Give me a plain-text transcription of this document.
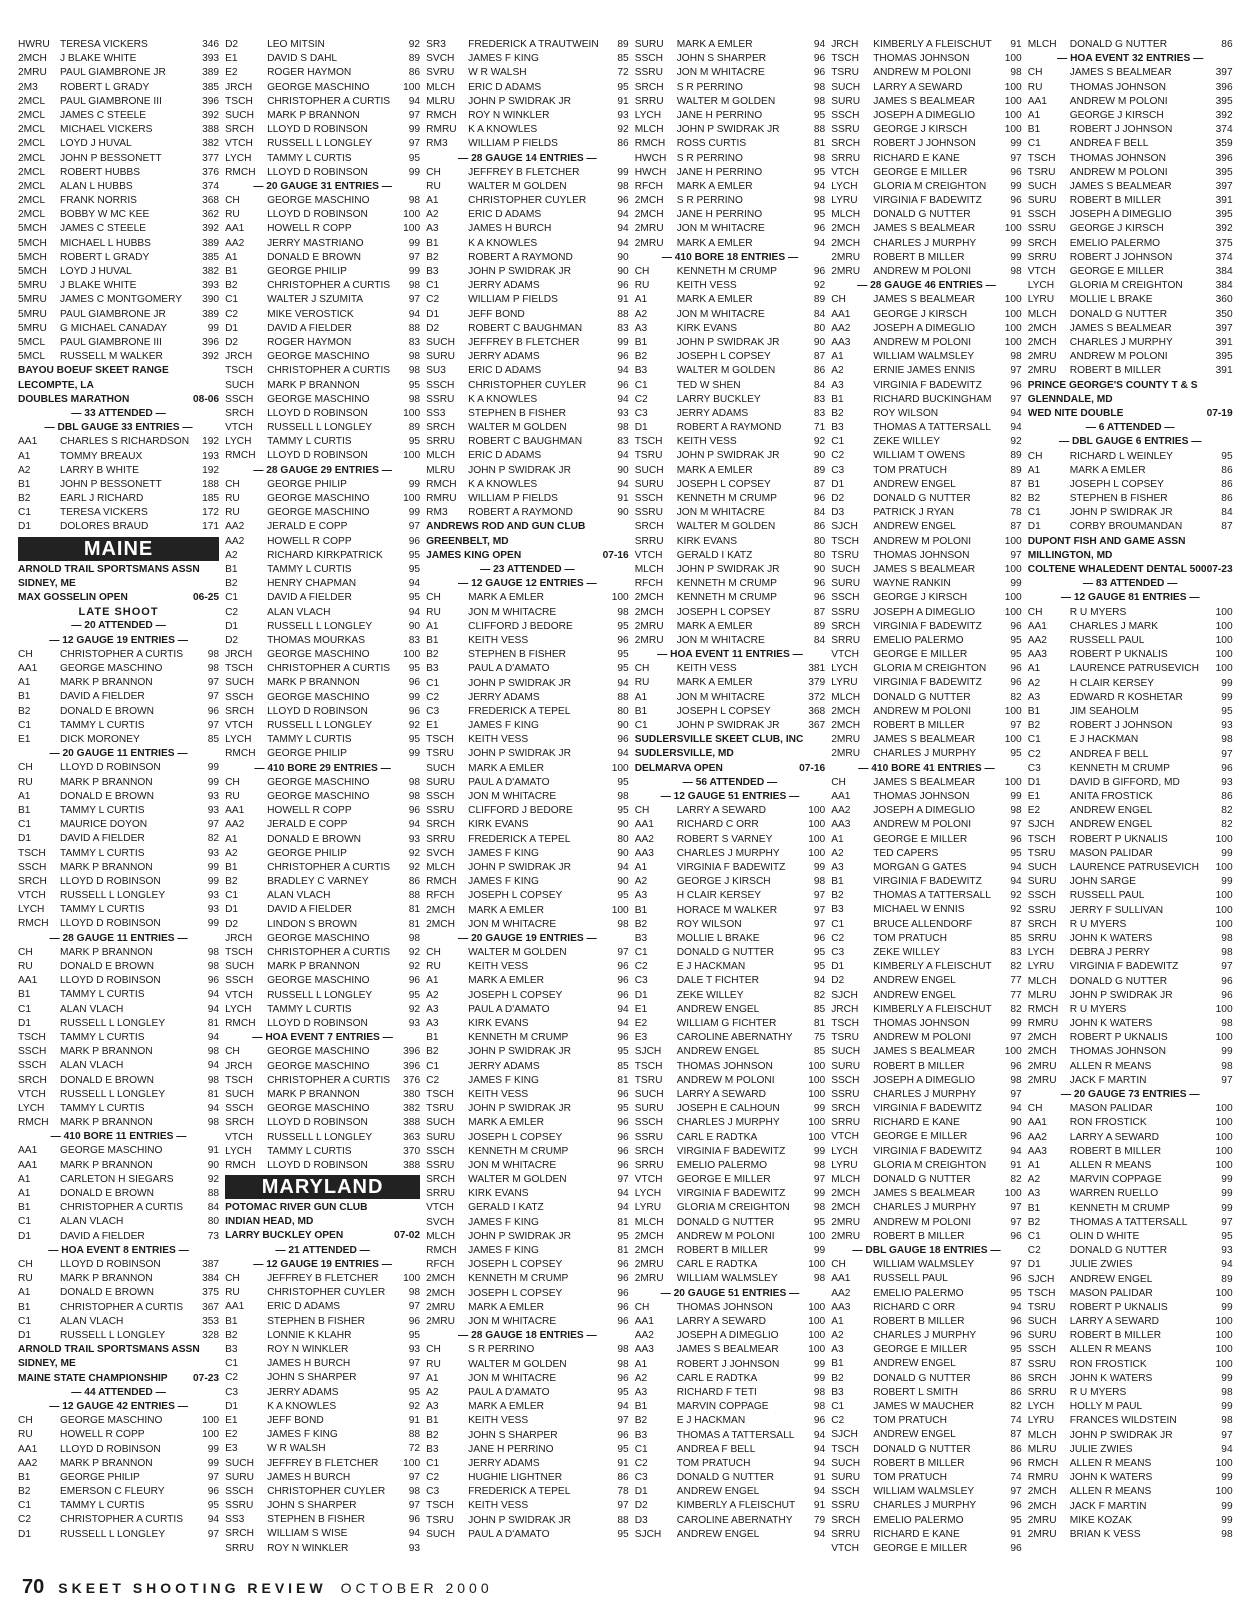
HWRU	TERESA VICKERS	346
2MCH	J BLAKE WHITE	393
2MRU	PAUL GIAMBRONE JR	389
2M3	ROBERT L GRADY	385
2MCL	PAUL GIAMBRONE III	396
2MCL	JAMES C STEELE	392
2MCL	MICHAEL VICKERS	388
2MCL	LOYD J HUVAL	382
2MCL	JOHN P BESSONETT	377
2MCL	ROBERT HUBBS	376
2MCL	ALAN L HUBBS	374
2MCL	FRANK NORRIS	368
2MCL	BOBBY W MC KEE	362
5MCH	JAMES C STEELE	392
5MCH	MICHAEL L HUBBS	389
5MCH	ROBERT L GRADY	385
5MCH	LOYD J HUVAL	382
5MRU	J BLAKE WHITE	393
5MRU	JAMES C MONTGOMERY	390
5MRU	PAUL GIAMBRONE JR	389
5MRU	G MICHAEL CANADAY	99
5MCL	PAUL GIAMBRONE III	396
5MCL	RUSSELL M WALKER	392
BAYOU BOEUF SKEET RANGE
LECOMPTE, LA
DOUBLES MARATHON	08-06
— 33 ATTENDED —
— DBL GAUGE 33 ENTRIES —
AA1	CHARLES S RICHARDSON	192
A1	TOMMY BREAUX	193
A2	LARRY B WHITE	192
B1	JOHN P BESSONETT	188
B2	EARL J RICHARD	185
C1	TERESA VICKERS	172
D1	DOLORES BRAUD	171
MAINE
ARNOLD TRAIL SPORTSMANS ASSN
SIDNEY, ME
MAX GOSSELIN OPEN	06-25
LATE SHOOT
— 20 ATTENDED —
— 12 GAUGE 19 ENTRIES —
CH	CHRISTOPHER A CURTIS	98
AA1	GEORGE MASCHINO	98
A1	MARK P BRANNON	97
B1	DAVID A FIELDER	97
B2	DONALD E BROWN	96
C1	TAMMY L CURTIS	97
E1	DICK MORONEY	85
— 20 GAUGE 11 ENTRIES —
CH	LLOYD D ROBINSON	99
RU	MARK P BRANNON	99
A1	DONALD E BROWN	93
B1	TAMMY L CURTIS	93
C1	MAURICE DOYON	97
D1	DAVID A FIELDER	82
TSCH	TAMMY L CURTIS	93
SSCH	MARK P BRANNON	99
SRCH	LLOYD D ROBINSON	99
VTCH	RUSSELL L LONGLEY	93
LYCH	TAMMY L CURTIS	93
RMCH	LLOYD D ROBINSON	99
— 28 GAUGE 11 ENTRIES —
CH	MARK P BRANNON	98
RU	DONALD E BROWN	98
AA1	LLOYD D ROBINSON	96
B1	TAMMY L CURTIS	94
C1	ALAN VLACH	94
D1	RUSSELL L LONGLEY	81
TSCH	TAMMY L CURTIS	94
SSCH	MARK P BRANNON	98
SSCH	ALAN VLACH	94
SRCH	DONALD E BROWN	98
VTCH	RUSSELL L LONGLEY	81
LYCH	TAMMY L CURTIS	94
RMCH	MARK P BRANNON	98
— 410 BORE 11 ENTRIES —
AA1	GEORGE MASCHINO	91
AA1	MARK P BRANNON	90
A1	CARLETON H SIEGARS	92
A1	DONALD E BROWN	88
B1	CHRISTOPHER A CURTIS	84
C1	ALAN VLACH	80
D1	DAVID A FIELDER	73
— HOA EVENT 8 ENTRIES —
CH	LLOYD D ROBINSON	387
RU	MARK P BRANNON	384
A1	DONALD E BROWN	375
B1	CHRISTOPHER A CURTIS	367
C1	ALAN VLACH	353
D1	RUSSELL L LONGLEY	328
ARNOLD TRAIL SPORTSMANS ASSN
SIDNEY, ME
MAINE STATE CHAMPIONSHIP 07-23
— 44 ATTENDED —
— 12 GAUGE 42 ENTRIES —
CH	GEORGE MASCHINO	100
RU	HOWELL R COPP	100
AA1	LLOYD D ROBINSON	99
AA2	MARK P BRANNON	99
B1	GEORGE PHILIP	97
B2	EMERSON C FLEURY	96
C1	TAMMY L CURTIS	95
C2	CHRISTOPHER A CURTIS	94
D1	RUSSELL L LONGLEY	97
D2	LEO MITSIN	92
E1	DAVID S DAHL	89
E2	ROGER HAYMON	86
JRCH	GEORGE MASCHINO	100
TSCH	CHRISTOPHER A CURTIS	94
SUCH	MARK P BRANNON	97
SRCH	LLOYD D ROBINSON	99
VTCH	RUSSELL L LONGLEY	97
LYCH	TAMMY L CURTIS	95
RMCH	LLOYD D ROBINSON	99
— 20 GAUGE 31 ENTRIES —
CH	GEORGE MASCHINO	98
RU	LLOYD D ROBINSON	100
AA1	HOWELL R COPP	100
AA2	JERRY MASTRIANO	99
A1	DONALD E BROWN	97
B1	GEORGE PHILIP	99
B2	CHRISTOPHER A CURTIS	98
C1	WALTER J SZUMITA	97
C2	MIKE VEROSTICK	94
D1	DAVID A FIELDER	88
D2	ROGER HAYMON	83
JRCH	GEORGE MASCHINO	98
TSCH	CHRISTOPHER A CURTIS	98
SUCH	MARK P BRANNON	95
SSCH	GEORGE MASCHINO	98
SRCH	LLOYD D ROBINSON	100
VTCH	RUSSELL L LONGLEY	89
LYCH	TAMMY L CURTIS	95
RMCH	LLOYD D ROBINSON	100
— 28 GAUGE 29 ENTRIES —
CH	GEORGE PHILIP	99
RU	GEORGE MASCHINO	100
RU	GEORGE MASCHINO	99
AA2	JERALD E COPP	97
AA2	HOWELL R COPP	96
A2	RICHARD KIRKPATRICK	95
B1	TAMMY L CURTIS	95
B2	HENRY CHAPMAN	94
C1	DAVID A FIELDER	95
C2	ALAN VLACH	94
D1	RUSSELL L LONGLEY	90
D2	THOMAS MOURKAS	83
JRCH	GEORGE MASCHINO	100
TSCH	CHRISTOPHER A CURTIS	95
SUCH	MARK P BRANNON	96
SSCH	GEORGE MASCHINO	99
SRCH	LLOYD D ROBINSON	96
VTCH	RUSSELL L LONGLEY	92
LYCH	TAMMY L CURTIS	95
RMCH	GEORGE PHILIP	99
— 410 BORE 29 ENTRIES —
CH	GEORGE MASCHINO	98
RU	GEORGE MASCHINO	98
AA1	HOWELL R COPP	96
AA2	JERALD E COPP	94
A1	DONALD E BROWN	93
A2	GEORGE PHILIP	92
B1	CHRISTOPHER A CURTIS	92
B2	BRADLEY C VARNEY	86
C1	ALAN VLACH	88
D1	DAVID A FIELDER	81
D2	LINDON S BROWN	81
JRCH	GEORGE MASCHINO	98
TSCH	CHRISTOPHER A CURTIS	92
SUCH	MARK P BRANNON	92
SSCH	GEORGE MASCHINO	96
VTCH	RUSSELL L LONGLEY	95
LYCH	TAMMY L CURTIS	92
RMCH	LLOYD D ROBINSON	93
— HOA EVENT 7 ENTRIES —
CH	GEORGE MASCHINO	396
JRCH	GEORGE MASCHINO	396
TSCH	CHRISTOPHER A CURTIS	376
SUCH	MARK P BRANNON	380
SSCH	GEORGE MASCHINO	382
SRCH	LLOYD D ROBINSON	388
VTCH	RUSSELL L LONGLEY	363
LYCH	TAMMY L CURTIS	370
RMCH	LLOYD D ROBINSON	388
MARYLAND
POTOMAC RIVER GUN CLUB
INDIAN HEAD, MD
LARRY BUCKLEY OPEN	07-02
— 21 ATTENDED —
— 12 GAUGE 19 ENTRIES —
CH	JEFFREY B FLETCHER	100
RU	CHRISTOPHER CUYLER	98
AA1	ERIC D ADAMS	97
B1	STEPHEN B FISHER	96
B2	LONNIE K KLAHR	95
B3	ROY N WINKLER	93
C1	JAMES H BURCH	97
C2	JOHN S SHARPER	97
C3	JERRY ADAMS	95
D1	K A KNOWLES	92
E1	JEFF BOND	91
E2	JAMES F KING	88
E3	W R WALSH	72
SUCH	JEFFREY B FLETCHER	100
SURU	JAMES H BURCH	97
SSCH	CHRISTOPHER CUYLER	98
SSRU	JOHN S SHARPER	97
SS3	STEPHEN B FISHER	96
SRCH	WILLIAM S WISE	94
SRRU	ROY N WINKLER	93
SR3	FREDERICK A TRAUTWEIN	89
SVCH	JAMES F KING	85
SVRU	W R WALSH	72
MLCH	ERIC D ADAMS	95
MLRU	JOHN P SWIDRAK JR	91
RMCH	ROY N WINKLER	93
RMRU	K A KNOWLES	92
RM3	WILLIAM P FIELDS	86
— 28 GAUGE 14 ENTRIES —
CH	JEFFREY B FLETCHER	99
RU	WALTER M GOLDEN	98
A1	CHRISTOPHER CUYLER	96
A2	ERIC D ADAMS	94
A3	JAMES H BURCH	94
B1	K A KNOWLES	94
B2	ROBERT A RAYMOND	90
B3	JOHN P SWIDRAK JR	90
C1	JERRY ADAMS	96
C2	WILLIAM P FIELDS	91
D1	JEFF BOND	88
D2	ROBERT C BAUGHMAN	83
SUCH	JEFFREY B FLETCHER	99
SURU	JERRY ADAMS	96
SU3	ERIC D ADAMS	94
SSCH	CHRISTOPHER CUYLER	96
SSRU	K A KNOWLES	94
SS3	STEPHEN B FISHER	93
SRCH	WALTER M GOLDEN	98
SRRU	ROBERT C BAUGHMAN	83
MLCH	ERIC D ADAMS	94
MLRU	JOHN P SWIDRAK JR	90
RMCH	K A KNOWLES	94
RMRU	WILLIAM P FIELDS	91
RM3	ROBERT A RAYMOND	90
ANDREWS ROD AND GUN CLUB
GREENBELT, MD
JAMES KING OPEN	07-16
— 23 ATTENDED —
— 12 GAUGE 12 ENTRIES —
CH	MARK A EMLER	100
RU	JON M WHITACRE	98
A1	CLIFFORD J BEDORE	95
B1	KEITH VESS	96
B2	STEPHEN B FISHER	95
B3	PAUL A D'AMATO	95
C1	JOHN P SWIDRAK JR	94
C2	JERRY ADAMS	88
C3	FREDERICK A TEPEL	80
E1	JAMES F KING	90
TSCH	KEITH VESS	96
TSRU	JOHN P SWIDRAK JR	94
SUCH	MARK A EMLER	100
SURU	PAUL A D'AMATO	95
SSCH	JON M WHITACRE	98
SSRU	CLIFFORD J BEDORE	95
SRCH	KIRK EVANS	90
SRRU	FREDERICK A TEPEL	80
SVCH	JAMES F KING	90
MLCH	JOHN P SWIDRAK JR	94
RMCH	JAMES F KING	90
RFCH	JOSEPH L COPSEY	95
2MCH	MARK A EMLER	100
2MCH	JON M WHITACRE	98
— 20 GAUGE 19 ENTRIES —
CH	WALTER M GOLDEN	97
RU	KEITH VESS	96
A1	MARK A EMLER	96
A2	JOSEPH L COPSEY	96
A3	PAUL A D'AMATO	94
A3	KIRK EVANS	94
B1	KENNETH M CRUMP	96
B2	JOHN P SWIDRAK JR	95
C1	JERRY ADAMS	85
C2	JAMES F KING	81
TSCH	KEITH VESS	96
TSRU	JOHN P SWIDRAK JR	95
SUCH	MARK A EMLER	96
SURU	JOSEPH L COPSEY	96
SSCH	KENNETH M CRUMP	96
SSRU	JON M WHITACRE	96
SRCH	WALTER M GOLDEN	97
SRRU	KIRK EVANS	94
VTCH	GERALD I KATZ	94
SVCH	JAMES F KING	81
MLCH	JOHN P SWIDRAK JR	95
RMCH	JAMES F KING	81
RFCH	JOSEPH L COPSEY	96
2MCH	KENNETH M CRUMP	96
2MCH	JOSEPH L COPSEY	96
2MRU	MARK A EMLER	96
2MRU	JON M WHITACRE	96
— 28 GAUGE 18 ENTRIES —
CH	S R PERRINO	98
RU	WALTER M GOLDEN	98
A1	JON M WHITACRE	96
A2	PAUL A D'AMATO	95
A3	MARK A EMLER	94
B1	KEITH VESS	97
B2	JOHN S SHARPER	96
B3	JANE H PERRINO	95
C1	JERRY ADAMS	91
C2	HUGHIE LIGHTNER	86
C3	FREDERICK A TEPEL	78
TSCH	KEITH VESS	97
TSRU	JOHN P SWIDRAK JR	88
SUCH	PAUL A D'AMATO	95
SURU	MARK A EMLER	94
SSCH	JOHN S SHARPER	96
SSRU	JON M WHITACRE	96
SRCH	S R PERRINO	98
SRRU	WALTER M GOLDEN	98
LYCH	JANE H PERRINO	95
MLCH	JOHN P SWIDRAK JR	88
RMCH	ROSS CURTIS	81
HWCH	S R PERRINO	98
HWCH	JANE H PERRINO	95
RFCH	MARK A EMLER	94
2MCH	S R PERRINO	98
2MCH	JANE H PERRINO	95
2MRU	JON M WHITACRE	96
2MRU	MARK A EMLER	94
— 410 BORE 18 ENTRIES —
CH	KENNETH M CRUMP	96
RU	KEITH VESS	92
A1	MARK A EMLER	89
A2	JON M WHITACRE	84
A3	KIRK EVANS	80
B1	JOHN P SWIDRAK JR	90
B2	JOSEPH L COPSEY	87
B3	WALTER M GOLDEN	86
C1	TED W SHEN	84
C2	LARRY BUCKLEY	83
C3	JERRY ADAMS	83
D1	ROBERT A RAYMOND	71
TSCH	KEITH VESS	92
TSRU	JOHN P SWIDRAK JR	90
SUCH	MARK A EMLER	89
SURU	JOSEPH L COPSEY	87
SSCH	KENNETH M CRUMP	96
SSRU	JON M WHITACRE	84
SRCH	WALTER M GOLDEN	86
SRRU	KIRK EVANS	80
VTCH	GERALD I KATZ	80
MLCH	JOHN P SWIDRAK JR	90
RFCH	KENNETH M CRUMP	96
2MCH	KENNETH M CRUMP	96
2MCH	JOSEPH L COPSEY	87
2MRU	MARK A EMLER	89
2MRU	JON M WHITACRE	84
— HOA EVENT 11 ENTRIES —
CH	KEITH VESS	381
RU	MARK A EMLER	379
A1	JON M WHITACRE	372
B1	JOSEPH L COPSEY	368
C1	JOHN P SWIDRAK JR	367
SUDLERSVILLE SKEET CLUB, INC
SUDLERSVILLE, MD
DELMARVA OPEN	07-16
— 56 ATTENDED —
— 12 GAUGE 51 ENTRIES —
CH	LARRY A SEWARD	100
AA1	RICHARD C ORR	100
AA2	ROBERT S VARNEY	100
AA3	CHARLES J MURPHY	100
A1	VIRGINIA F BADEWITZ	99
A2	GEORGE J KIRSCH	98
A3	H CLAIR KERSEY	97
B1	HORACE M WALKER	97
B2	ROY WILSON	97
B3	MOLLIE L BRAKE	96
C1	DONALD G NUTTER	95
C2	E J HACKMAN	95
C3	DALE T FICHTER	94
D1	ZEKE WILLEY	82
E1	ANDREW ENGEL	85
E2	WILLIAM G FICHTER	81
E3	CAROLINE ABERNATHY	75
SJCH	ANDREW ENGEL	85
TSCH	THOMAS JOHNSON	100
TSRU	ANDREW M POLONI	100
SUCH	LARRY A SEWARD	100
SURU	JOSEPH E CALHOUN	99
SSCH	CHARLES J MURPHY	100
SSRU	CARL E RADTKA	100
SRCH	VIRGINIA F BADEWITZ	99
SRRU	EMELIO PALERMO	98
VTCH	GEORGE E MILLER	97
LYCH	VIRGINIA F BADEWITZ	99
LYRU	GLORIA M CREIGHTON	98
MLCH	DONALD G NUTTER	95
2MCH	ANDREW M POLONI	100
2MCH	ROBERT B MILLER	99
2MRU	CARL E RADTKA	100
2MRU	WILLIAM WALMSLEY	98
— 20 GAUGE 51 ENTRIES —
CH	THOMAS JOHNSON	100
AA1	LARRY A SEWARD	100
AA2	JOSEPH A DIMEGLIO	100
AA3	JAMES S BEALMEAR	100
A1	ROBERT J JOHNSON	99
A2	CARL E RADTKA	99
A3	RICHARD F TETI	98
B1	MARVIN COPPAGE	98
B2	E J HACKMAN	96
B3	THOMAS A TATTERSALL	94
C1	ANDREA F BELL	94
C2	TOM PRATUCH	94
C3	DONALD G NUTTER	91
D1	ANDREW ENGEL	94
D2	KIMBERLY A FLEISCHUT	91
D3	CAROLINE ABERNATHY	79
SJCH	ANDREW ENGEL	94
JRCH	KIMBERLY A FLEISCHUT	91
TSCH	THOMAS JOHNSON	100
TSRU	ANDREW M POLONI	98
SUCH	LARRY A SEWARD	100
SURU	JAMES S BEALMEAR	100
SSCH	JOSEPH A DIMEGLIO	100
SSRU	GEORGE J KIRSCH	100
SRCH	ROBERT J JOHNSON	99
SRRU	RICHARD E KANE	97
VTCH	GEORGE E MILLER	96
LYCH	GLORIA M CREIGHTON	99
LYRU	VIRGINIA F BADEWITZ	96
MLCH	DONALD G NUTTER	91
2MCH	JAMES S BEALMEAR	100
2MCH	CHARLES J MURPHY	99
2MRU	ROBERT B MILLER	99
2MRU	ANDREW M POLONI	98
— 28 GAUGE 46 ENTRIES —
CH	JAMES S BEALMEAR	100
AA1	GEORGE J KIRSCH	100
AA2	JOSEPH A DIMEGLIO	100
AA3	ANDREW M POLONI	100
A1	WILLIAM WALMSLEY	98
A2	ERNIE JAMES ENNIS	97
A3	VIRGINIA F BADEWITZ	96
B1	RICHARD BUCKINGHAM	97
B2	ROY WILSON	94
B3	THOMAS A TATTERSALL	94
C1	ZEKE WILLEY	92
C2	WILLIAM T OWENS	89
C3	TOM PRATUCH	89
D1	ANDREW ENGEL	87
D2	DONALD G NUTTER	82
D3	PATRICK J RYAN	78
SJCH	ANDREW ENGEL	87
TSCH	ANDREW M POLONI	100
TSRU	THOMAS JOHNSON	97
SUCH	JAMES S BEALMEAR	100
SURU	WAYNE RANKIN	99
SSCH	GEORGE J KIRSCH	100
SSRU	JOSEPH A DIMEGLIO	100
SRCH	VIRGINIA F BADEWITZ	96
SRRU	EMELIO PALERMO	95
VTCH	GEORGE E MILLER	95
LYCH	GLORIA M CREIGHTON	96
LYRU	VIRGINIA F BADEWITZ	96
MLCH	DONALD G NUTTER	82
2MCH	ANDREW M POLONI	100
2MCH	ROBERT B MILLER	97
2MRU	JAMES S BEALMEAR	100
2MRU	CHARLES J MURPHY	95
— 410 BORE 41 ENTRIES —
CH	JAMES S BEALMEAR	100
AA1	THOMAS JOHNSON	99
AA2	JOSEPH A DIMEGLIO	98
AA3	ANDREW M POLONI	97
A1	GEORGE E MILLER	96
A2	TED CAPERS	95
A3	MORGAN G GATES	94
B1	VIRGINIA F BADEWITZ	94
B2	THOMAS A TATTERSALL	92
B3	MICHAEL W ENNIS	92
C1	BRUCE ALLENDORF	87
C2	TOM PRATUCH	85
C3	ZEKE WILLEY	83
D1	KIMBERLY A FLEISCHUT	82
D2	ANDREW ENGEL	77
SJCH	ANDREW ENGEL	77
JRCH	KIMBERLY A FLEISCHUT	82
TSCH	THOMAS JOHNSON	99
TSRU	ANDREW M POLONI	97
SUCH	JAMES S BEALMEAR	100
SURU	ROBERT B MILLER	96
SSCH	JOSEPH A DIMEGLIO	98
SSRU	CHARLES J MURPHY	97
SRCH	VIRGINIA F BADEWITZ	94
SRRU	RICHARD E KANE	90
VTCH	GEORGE E MILLER	96
LYCH	VIRGINIA F BADEWITZ	94
LYRU	GLORIA M CREIGHTON	91
MLCH	DONALD G NUTTER	82
2MCH	JAMES S BEALMEAR	100
2MCH	CHARLES J MURPHY	97
2MRU	ANDREW M POLONI	97
2MRU	ROBERT B MILLER	96
— DBL GAUGE 18 ENTRIES —
CH	WILLIAM WALMSLEY	97
AA1	RUSSELL PAUL	96
AA2	EMELIO PALERMO	95
AA3	RICHARD C ORR	94
A1	ROBERT B MILLER	96
A2	CHARLES J MURPHY	96
A3	GEORGE E MILLER	95
B1	ANDREW ENGEL	87
B2	DONALD G NUTTER	86
B3	ROBERT L SMITH	86
C1	JAMES W MAUCHER	82
C2	TOM PRATUCH	74
SJCH	ANDREW ENGEL	87
TSCH	DONALD G NUTTER	86
SUCH	ROBERT B MILLER	96
SURU	TOM PRATUCH	74
SSCH	WILLIAM WALMSLEY	97
SSRU	CHARLES J MURPHY	96
SRCH	EMELIO PALERMO	95
SRRU	RICHARD E KANE	91
VTCH	GEORGE E MILLER	96
MLCH	DONALD G NUTTER	86
— HOA EVENT 32 ENTRIES —
CH	JAMES S BEALMEAR	397
RU	THOMAS JOHNSON	396
AA1	ANDREW M POLONI	395
A1	GEORGE J KIRSCH	392
B1	ROBERT J JOHNSON	374
C1	ANDREA F BELL	359
TSCH	THOMAS JOHNSON	396
TSRU	ANDREW M POLONI	395
SUCH	JAMES S BEALMEAR	397
SURU	ROBERT B MILLER	391
SSCH	JOSEPH A DIMEGLIO	395
SSRU	GEORGE J KIRSCH	392
SRCH	EMELIO PALERMO	375
SRRU	ROBERT J JOHNSON	374
VTCH	GEORGE E MILLER	384
LYCH	GLORIA M CREIGHTON	384
LYRU	MOLLIE L BRAKE	360
MLCH	DONALD G NUTTER	350
2MCH	JAMES S BEALMEAR	397
2MCH	CHARLES J MURPHY	391
2MRU	ANDREW M POLONI	395
2MRU	ROBERT B MILLER	391
PRINCE GEORGE'S COUNTY T & S
GLENNDALE, MD
WED NITE DOUBLE	07-19
— 6 ATTENDED —
— DBL GAUGE 6 ENTRIES —
CH	RICHARD L WEINLEY	95
A1	MARK A EMLER	86
B1	JOSEPH L COPSEY	86
B2	STEPHEN B FISHER	86
C1	JOHN P SWIDRAK JR	84
D1	CORBY BROUMANDAN	87
DUPONT FISH AND GAME ASSN
MILLINGTON, MD
COLTENE WHALEDENT DENTAL 500 07-23
— 83 ATTENDED —
— 12 GAUGE 81 ENTRIES —
CH	R U MYERS	100
AA1	CHARLES J MARK	100
AA2	RUSSELL PAUL	100
AA3	ROBERT P UKNALIS	100
A1	LAURENCE PATRUSEVICH	100
A2	H CLAIR KERSEY	99
A3	EDWARD R KOSHETAR	99
B1	JIM SEAHOLM	95
B2	ROBERT J JOHNSON	93
C1	E J HACKMAN	98
C2	ANDREA F BELL	97
C3	KENNETH M CRUMP	96
D1	DAVID B GIFFORD, MD	93
E1	ANITA FROSTICK	86
E2	ANDREW ENGEL	82
SJCH	ANDREW ENGEL	82
TSCH	ROBERT P UKNALIS	100
TSRU	MASON PALIDAR	99
SUCH	LAURENCE PATRUSEVICH	100
SURU	JOHN SARGE	99
SSCH	RUSSELL PAUL	100
SSRU	JERRY F SULLIVAN	100
SRCH	R U MYERS	100
SRRU	JOHN K WATERS	98
LYCH	DEBRA J PERRY	98
LYRU	VIRGINIA F BADEWITZ	97
MLCH	DONALD G NUTTER	96
MLRU	JOHN P SWIDRAK JR	96
RMCH	R U MYERS	100
RMRU	JOHN K WATERS	98
2MCH	ROBERT P UKNALIS	100
2MCH	THOMAS JOHNSON	99
2MRU	ALLEN R MEANS	98
2MRU	JACK F MARTIN	97
— 20 GAUGE 73 ENTRIES —
CH	MASON PALIDAR	100
AA1	RON FROSTICK	100
AA2	LARRY A SEWARD	100
AA3	ROBERT B MILLER	100
A1	ALLEN R MEANS	100
A2	MARVIN COPPAGE	99
A3	WARREN RUELLO	99
B1	KENNETH M CRUMP	99
B2	THOMAS A TATTERSALL	97
C1	OLIN D WHITE	95
C2	DONALD G NUTTER	93
D1	JULIE ZWIES	94
SJCH	ANDREW ENGEL	89
TSCH	MASON PALIDAR	100
TSRU	ROBERT P UKNALIS	99
SUCH	LARRY A SEWARD	100
SURU	ROBERT B MILLER	100
SSCH	ALLEN R MEANS	100
SSRU	RON FROSTICK	100
SRCH	JOHN K WATERS	99
SRRU	R U MYERS	98
LYCH	HOLLY M PAUL	99
LYRU	FRANCES WILDSTEIN	98
MLCH	JOHN P SWIDRAK JR	97
MLRU	JULIE ZWIES	94
RMCH	ALLEN R MEANS	100
RMRU	JOHN K WATERS	99
2MCH	ALLEN R MEANS	100
2MCH	JACK F MARTIN	99
2MRU	MIKE KOZAK	99
2MRU	BRIAN K VESS	98
70 SKEET SHOOTING REVIEW OCTOBER 2000
